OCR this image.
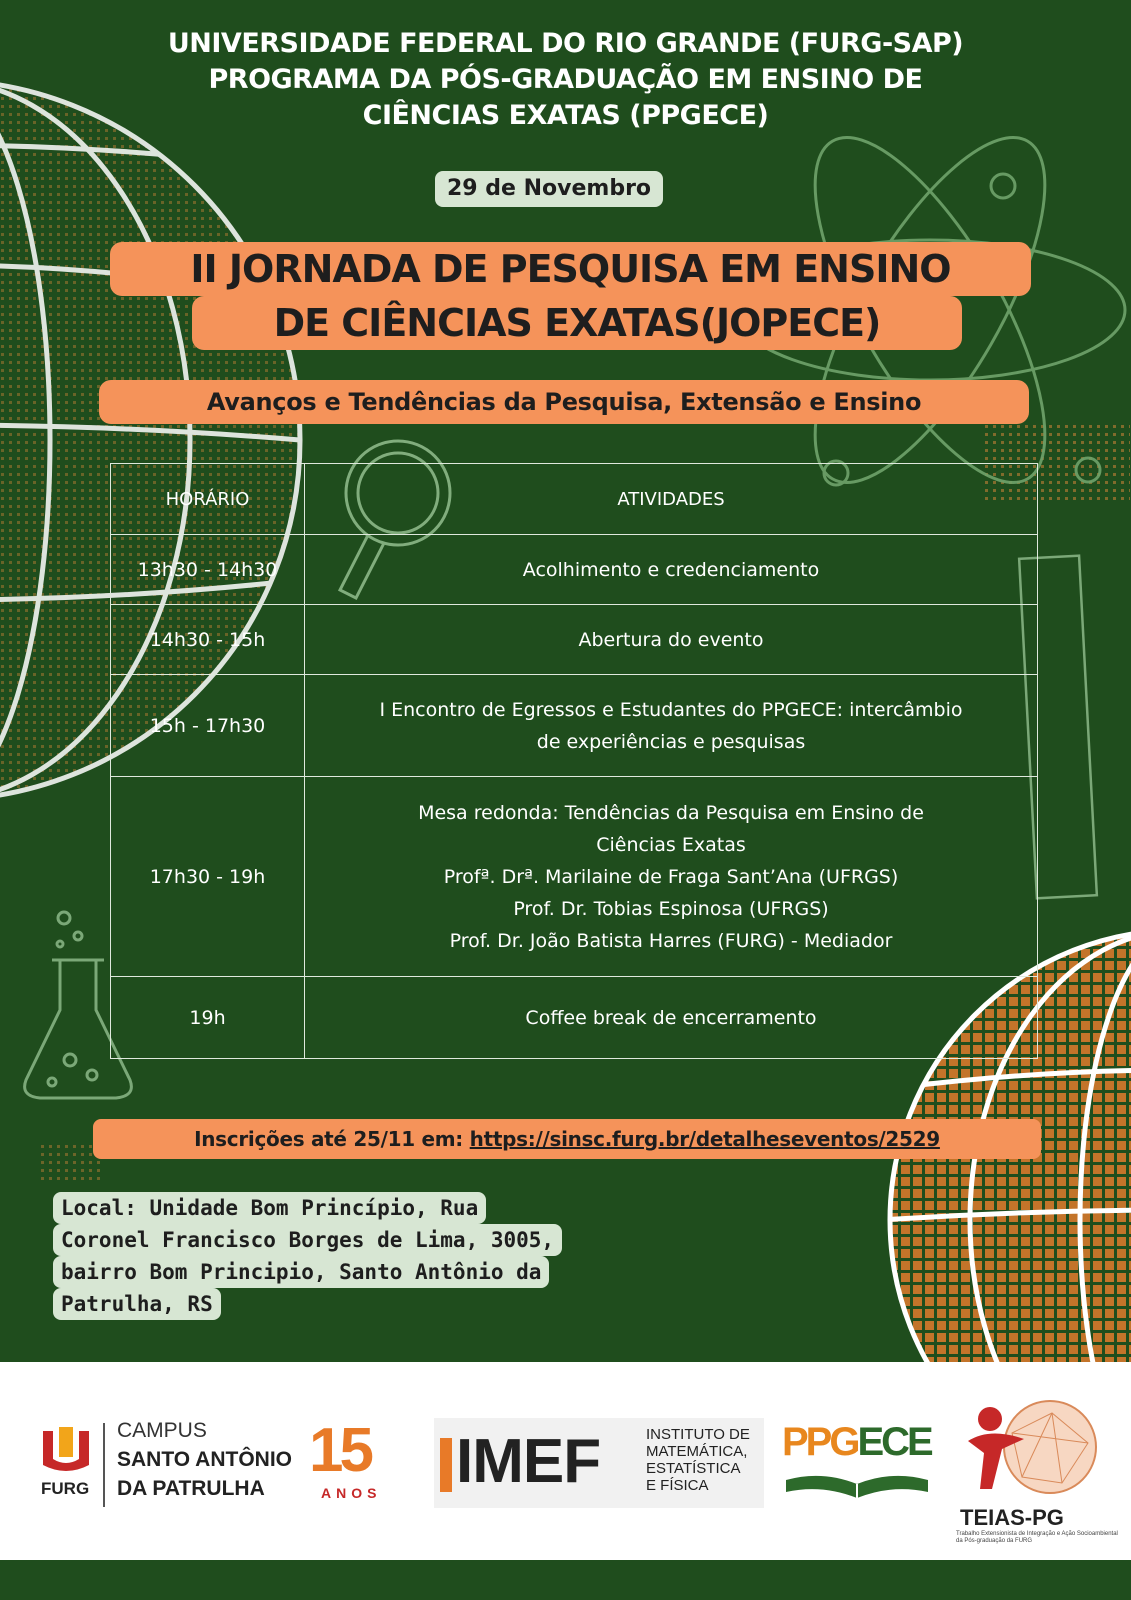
UNIVERSIDADE FEDERAL DO RIO GRANDE (FURG-SAP)
PROGRAMA DA PÓS-GRADUAÇÃO EM ENSINO DE
CIÊNCIAS EXATAS (PPGECE)
29 de Novembro
II JORNADA DE PESQUISA EM ENSINO
DE CIÊNCIAS EXATAS(JOPECE)
Avanços e Tendências da Pesquisa, Extensão e Ensino
HORÁRIO	ATIVIDADES
13h30 - 14h30	Acolhimento e credenciamento

14h30 - 15h	Abertura do evento

15h - 17h30	I Encontro de Egressos e Estudantes do PPGECE: intercâmbio
de experiências e pesquisas

17h30 - 19h	Mesa redonda: Tendências da Pesquisa em Ensino de
Ciências Exatas
Profª. Drª. Marilaine de Fraga Sant’Ana (UFRGS)
Prof. Dr. Tobias Espinosa (UFRGS)
Prof. Dr. João Batista Harres (FURG) - Mediador

19h	Coffee break de encerramento
Inscrições até 25/11 em: https://sinsc.furg.br/detalheseventos/2529
Local: Unidade Bom Princípio, Rua
Coronel Francisco Borges de Lima, 3005,
bairro Bom Principio, Santo Antônio da
Patrulha, RS
FURG
CAMPUS
SANTO ANTÔNIO
DA PATRULHA
15
ANOS IMEF	INSTITUTO DE
MATEMÁTICA,
ESTATÍSTICA
E FÍSICA
PPGECE
TEIAS-PG
Trabalho Extensionista de Integração e Ação Socioambiental da Pós-graduação da FURG
